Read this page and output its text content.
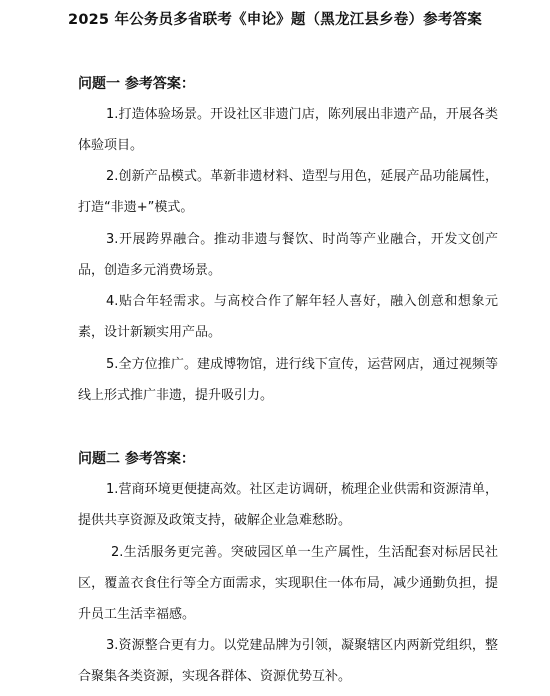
2025 年公务员多省联考《申论》题（黑龙江县乡卷）参考答案
问题一 参考答案：

1.打造体验场景。开设社区非遗门店，陈列展出非遗产品，开展各类体验项目。

2.创新产品模式。革新非遗材料、造型与用色，延展产品功能属性，打造“非遗+”模式。

3.开展跨界融合。推动非遗与餐饮、时尚等产业融合，开发文创产品，创造多元消费场景。

4.贴合年轻需求。与高校合作了解年轻人喜好，融入创意和想象元素，设计新颖实用产品。

5.全方位推广。建成博物馆，进行线下宣传，运营网店，通过视频等线上形式推广非遗，提升吸引力。

问题二 参考答案：

1.营商环境更便捷高效。社区走访调研，梳理企业供需和资源清单，提供共享资源及政策支持，破解企业急难愁盼。

2.生活服务更完善。突破园区单一生产属性，生活配套对标居民社区，覆盖衣食住行等全方面需求，实现职住一体布局，减少通勤负担，提升员工生活幸福感。

3.资源整合更有力。以党建品牌为引领，凝聚辖区内两新党组织，整合聚集各类资源，实现各群体、资源优势互补。
